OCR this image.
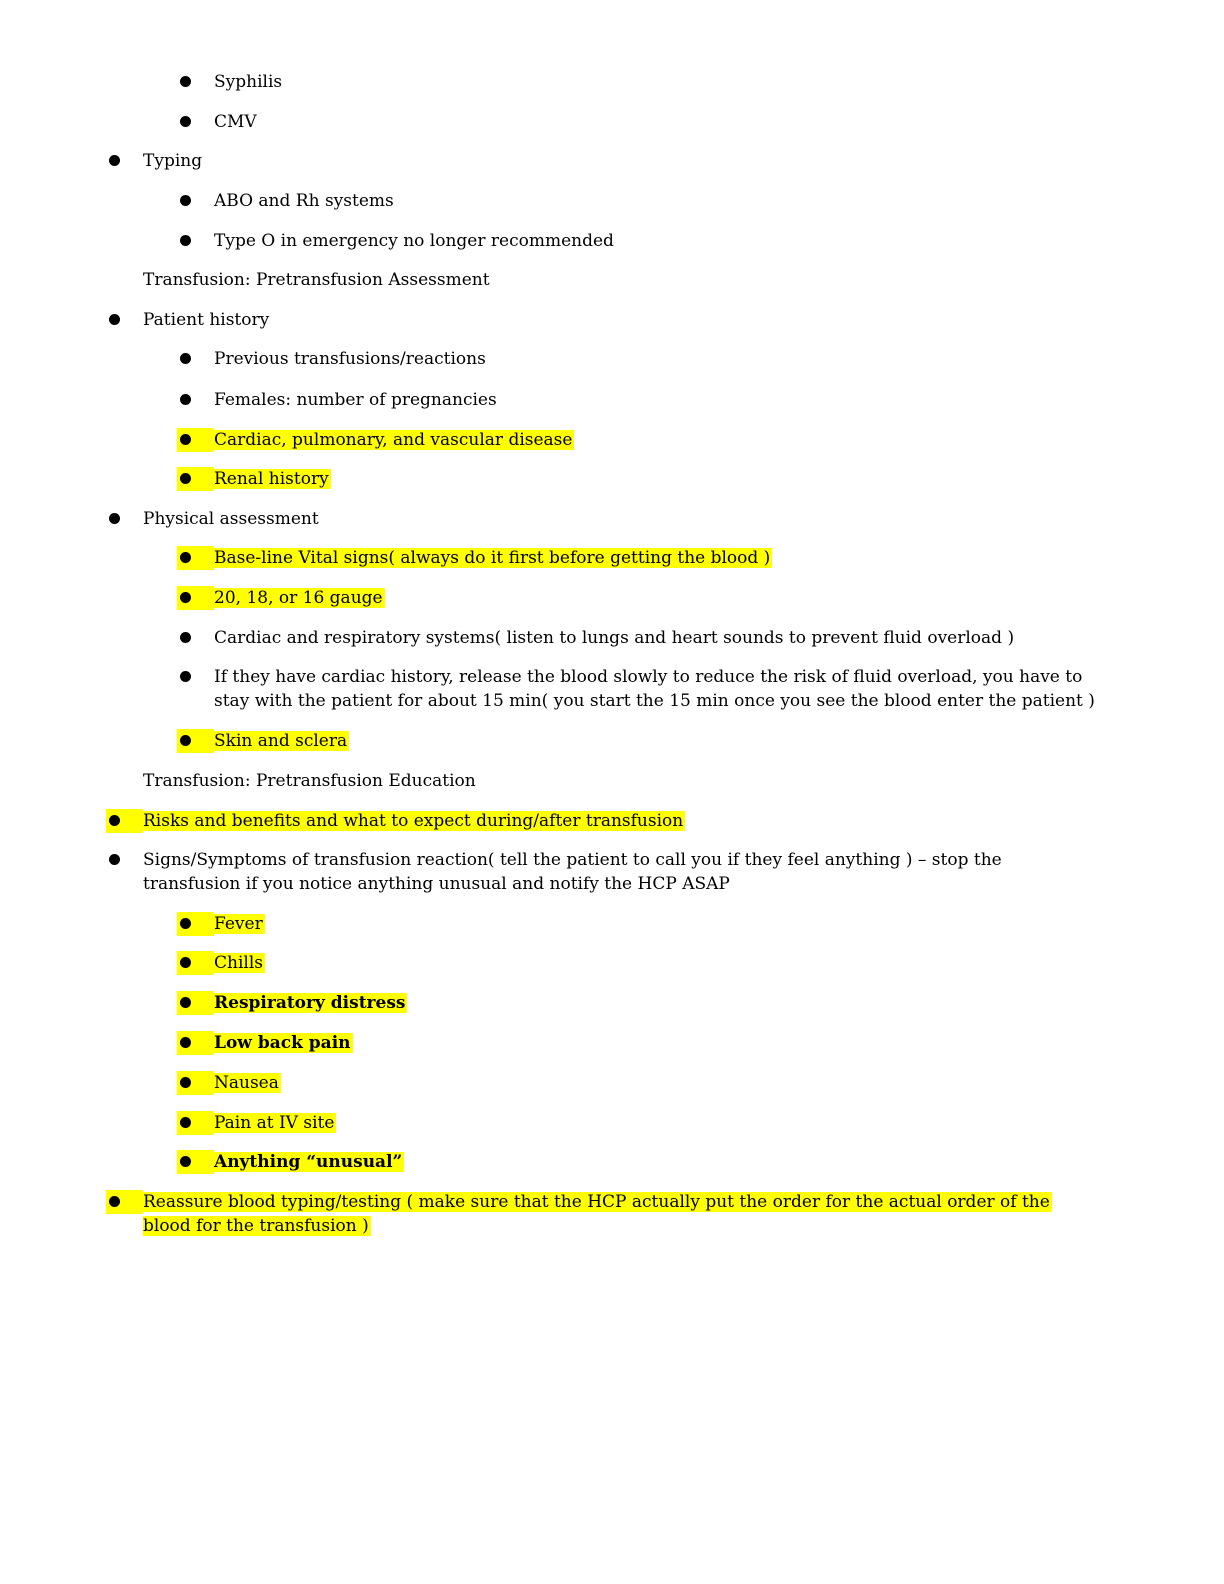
Syphilis
CMV
Typing
ABO and Rh systems
Type O in emergency no longer recommended
Transfusion: Pretransfusion Assessment
Patient history
Previous transfusions/reactions
Females: number of pregnancies
Cardiac, pulmonary, and vascular disease
Renal history
Physical assessment
Base-line Vital signs( always do it first before getting the blood )
20, 18, or 16 gauge
Cardiac and respiratory systems( listen to lungs and heart sounds to prevent fluid overload )
If they have cardiac history, release the blood slowly to reduce the risk of fluid overload, you have to
stay with the patient for about 15 min( you start the 15 min once you see the blood enter the patient )
Skin and sclera
Transfusion: Pretransfusion Education
Risks and benefits and what to expect during/after transfusion
Signs/Symptoms of transfusion reaction( tell the patient to call you if they feel anything ) – stop the
transfusion if you notice anything unusual and notify the HCP ASAP
Fever
Chills
Respiratory distress
Low back pain
Nausea
Pain at IV site
Anything “unusual”
Reassure blood typing/testing ( make sure that the HCP actually put the order for the actual order of the
blood for the transfusion )
